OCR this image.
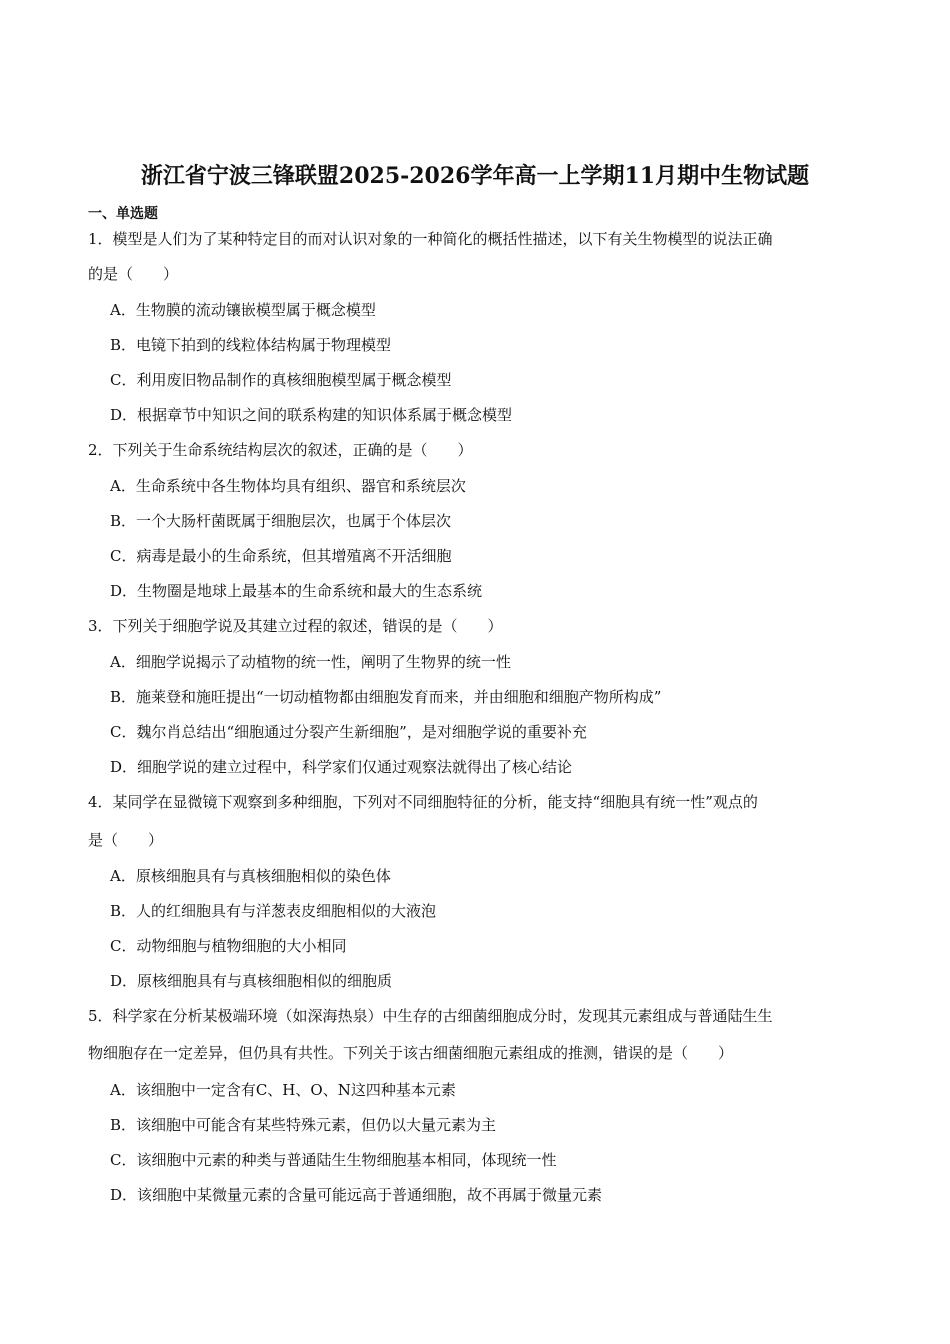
浙江省宁波三锋联盟2025-2026学年高一上学期11月期中生物试题
一、单选题
1．模型是人们为了某种特定目的而对认识对象的一种简化的概括性描述，以下有关生物模型的说法正确
的是（　　）
A．生物膜的流动镶嵌模型属于概念模型
B．电镜下拍到的线粒体结构属于物理模型
C．利用废旧物品制作的真核细胞模型属于概念模型
D．根据章节中知识之间的联系构建的知识体系属于概念模型
2．下列关于生命系统结构层次的叙述，正确的是（　　）
A．生命系统中各生物体均具有组织、器官和系统层次
B．一个大肠杆菌既属于细胞层次，也属于个体层次
C．病毒是最小的生命系统，但其增殖离不开活细胞
D．生物圈是地球上最基本的生命系统和最大的生态系统
3．下列关于细胞学说及其建立过程的叙述，错误的是（　　）
A．细胞学说揭示了动植物的统一性，阐明了生物界的统一性
B．施莱登和施旺提出“一切动植物都由细胞发育而来，并由细胞和细胞产物所构成”
C．魏尔肖总结出“细胞通过分裂产生新细胞”，是对细胞学说的重要补充
D．细胞学说的建立过程中，科学家们仅通过观察法就得出了核心结论
4．某同学在显微镜下观察到多种细胞，下列对不同细胞特征的分析，能支持“细胞具有统一性”观点的
是（　　）
A．原核细胞具有与真核细胞相似的染色体
B．人的红细胞具有与洋葱表皮细胞相似的大液泡
C．动物细胞与植物细胞的大小相同
D．原核细胞具有与真核细胞相似的细胞质
5．科学家在分析某极端环境（如深海热泉）中生存的古细菌细胞成分时，发现其元素组成与普通陆生生
物细胞存在一定差异，但仍具有共性。下列关于该古细菌细胞元素组成的推测，错误的是（　　）
A．该细胞中一定含有C、H、O、N这四种基本元素
B．该细胞中可能含有某些特殊元素，但仍以大量元素为主
C．该细胞中元素的种类与普通陆生生物细胞基本相同，体现统一性
D．该细胞中某微量元素的含量可能远高于普通细胞，故不再属于微量元素
